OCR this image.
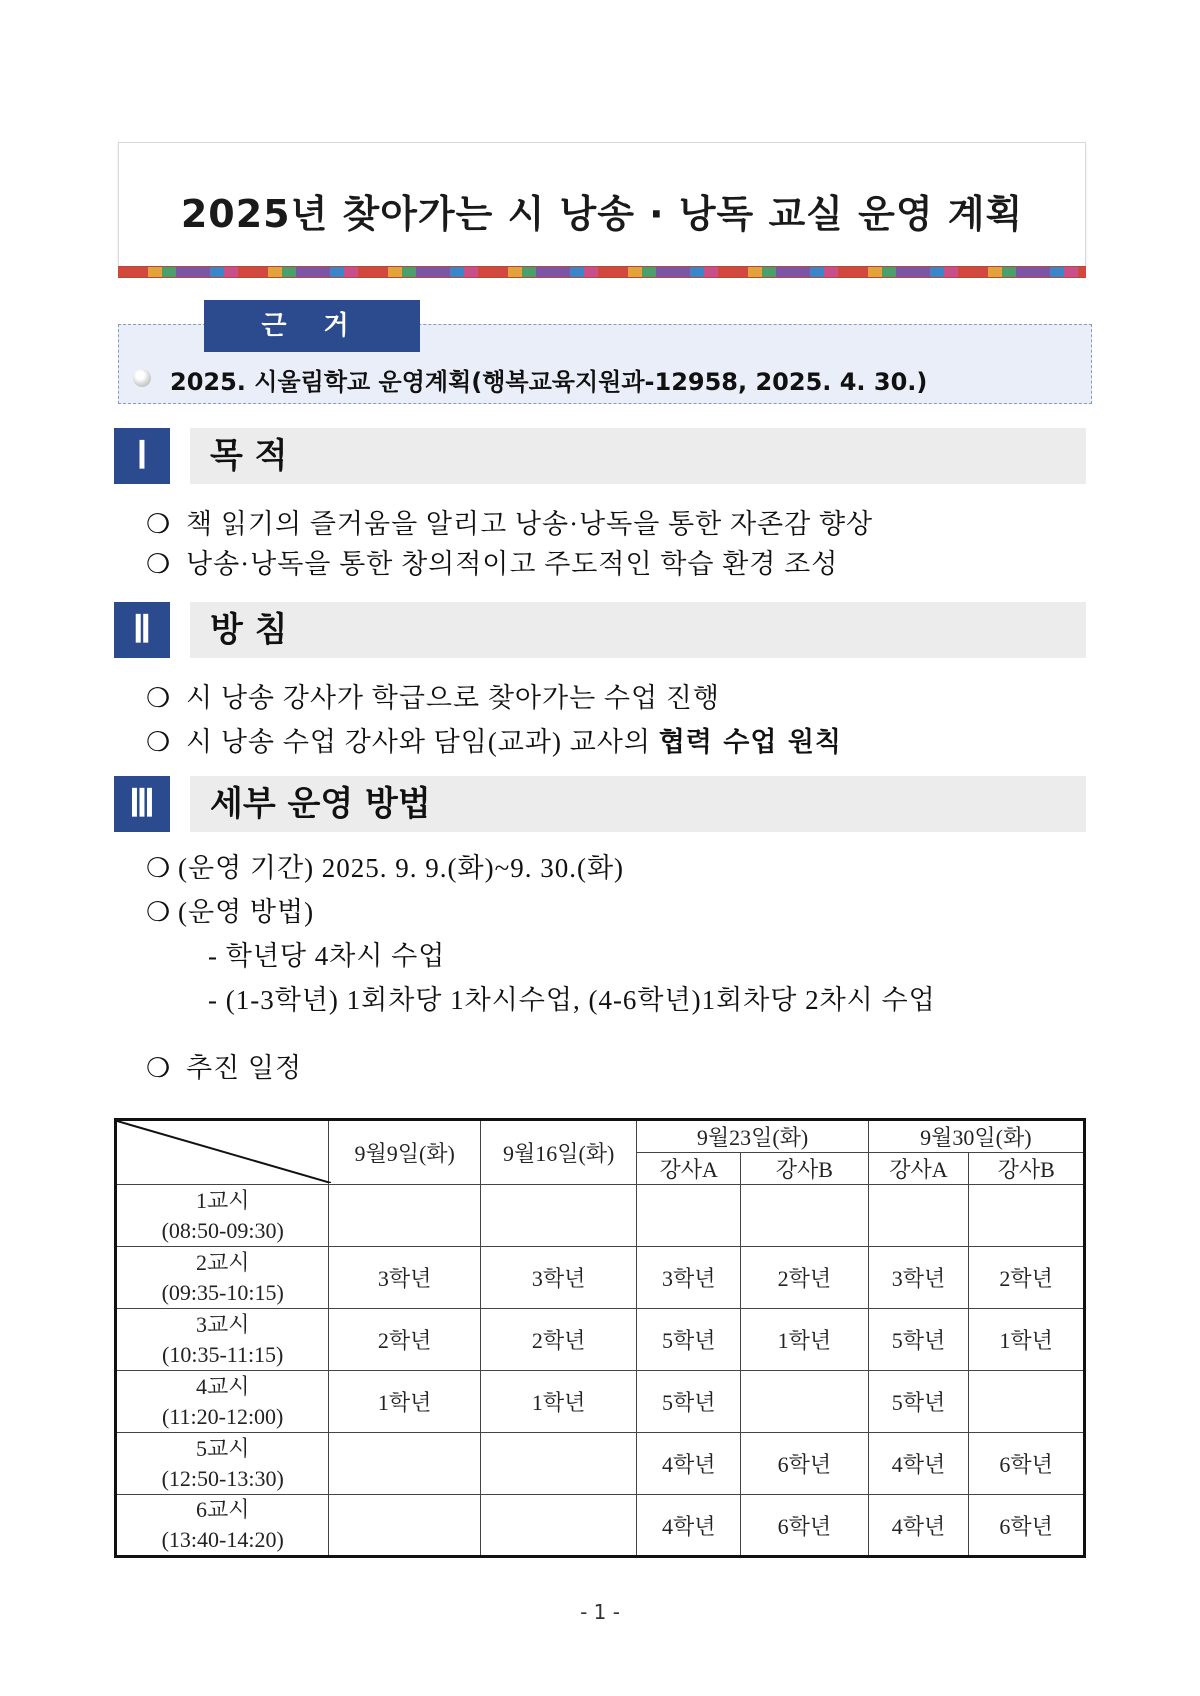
2025년 찾아가는 시 낭송 · 낭독 교실 운영 계획
근 거
2025. 시울림학교 운영계획(행복교육지원과-12958, 2025. 4. 30.)
Ⅰ	목 적
❍ 책 읽기의 즐거움을 알리고 낭송·낭독을 통한 자존감 향상
❍ 낭송·낭독을 통한 창의적이고 주도적인 학습 환경 조성
Ⅱ	방 침
❍ 시 낭송 강사가 학급으로 찾아가는 수업 진행
❍ 시 낭송 수업 강사와 담임(교과) 교사의 협력 수업 원칙
Ⅲ	세부 운영 방법
❍ (운영 기간) 2025. 9. 9.(화)~9. 30.(화)
❍ (운영 방법)
- 학년당 4차시 수업
- (1-3학년) 1회차당 1차시수업, (4-6학년)1회차당 2차시 수업
❍ 추진 일정
	9월9일(화)	9월16일(화)	9월23일(화)		9월30일(화)	
			강사A	강사B	강사A	강사B

1교시
(08:50-09:30)						

2교시
(09:35-10:15)	3학년	3학년	3학년	2학년	3학년	2학년

3교시
(10:35-11:15)	2학년	2학년	5학년	1학년	5학년	1학년

4교시
(11:20-12:00)	1학년	1학년	5학년		5학년	

5교시
(12:50-13:30)			4학년	6학년	4학년	6학년

6교시
(13:40-14:20)			4학년	6학년	4학년	6학년
- 1 -
